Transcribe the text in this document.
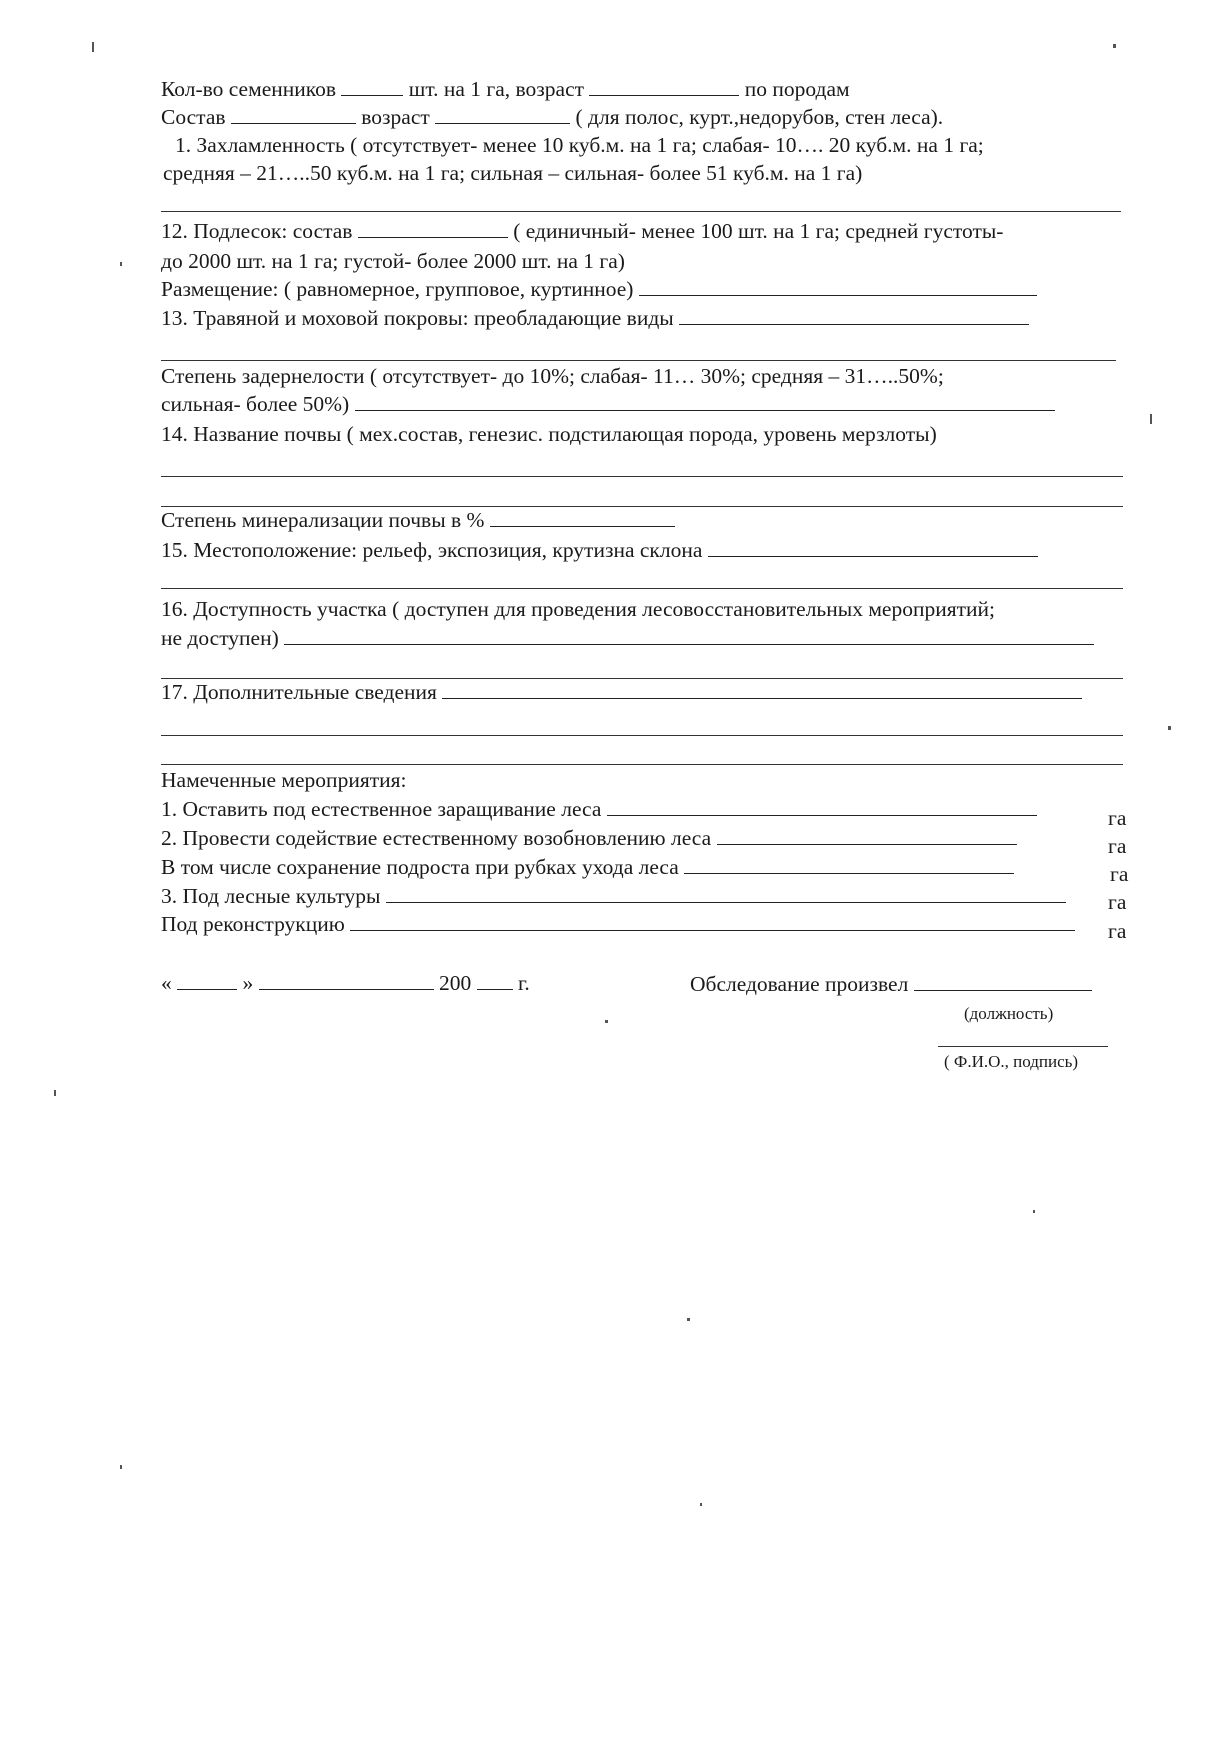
Кол-во семенников	шт. на 1 га, возраст	по породам
Состав	возраст	( для полос, курт.,недорубов, стен леса).
1. Захламленность ( отсутствует- менее 10 куб.м. на 1 га; слабая- 10…. 20 куб.м. на 1 га;
средняя – 21…..50 куб.м. на 1 га; сильная – сильная- более 51 куб.м. на 1 га)
12. Подлесок: состав	( единичный- менее 100 шт. на 1 га; средней густоты-
до 2000 шт. на 1 га; густой- более 2000 шт. на 1 га)
Размещение: ( равномерное, групповое, куртинное)
13. Травяной и моховой покровы: преобладающие виды
Степень задернелости ( отсутствует- до 10%; слабая- 11… 30%; средняя – 31…..50%;
сильная- более 50%)
14. Название почвы ( мех.состав, генезис. подстилающая порода, уровень мерзлоты)
Степень минерализации почвы в %
15. Местоположение: рельеф, экспозиция, крутизна склона
16. Доступность участка ( доступен для проведения лесовосстановительных мероприятий;
не доступен)
17. Дополнительные сведения
Намеченные мероприятия:
1. Оставить под естественное заращивание леса	га
2. Провести содействие естественному возобновлению леса	га
В том числе сохранение подроста при рубках ухода леса	га
3. Под лесные культуры	га
Под реконструкцию	га
«	»	200 г.	Обследование произвел
(должность)
( Ф.И.О., подпись)
